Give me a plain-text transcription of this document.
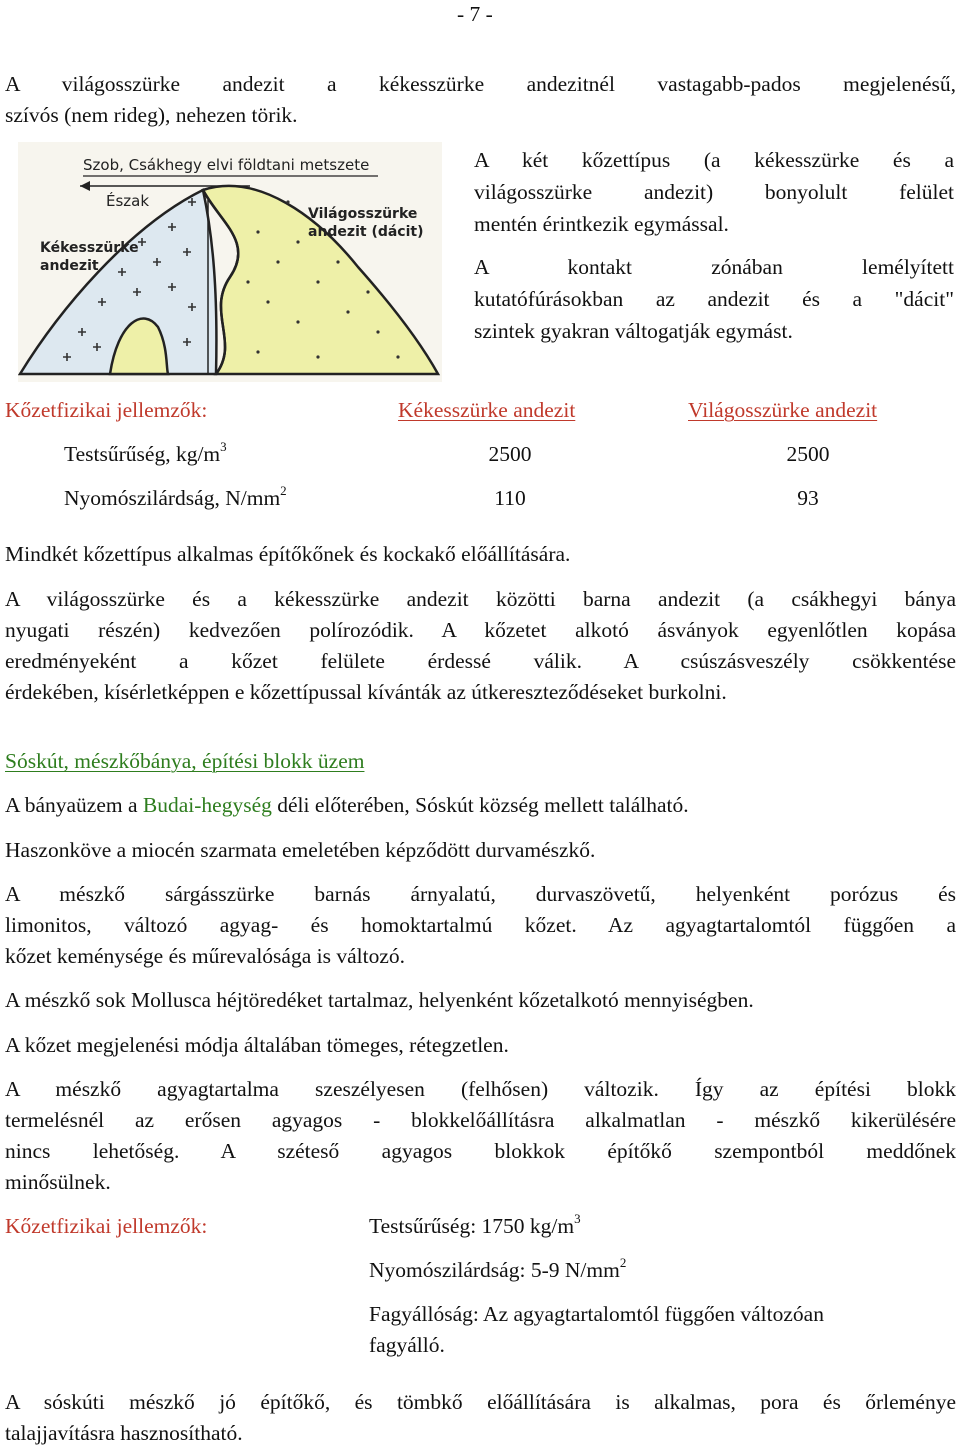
- 7 -
A világosszürke andezit a kékesszürke andezitnél vastagabb-pados megjelenésű,
szívós (nem rideg), nehezen törik.
Szob, Csákhegy elvi földtani metszete
Észak
Kékesszürke
andezit
Világosszürke
andezit (dácit)
A két kőzettípus (a kékesszürke és a
világosszürke andezit) bonyolult felület
mentén érintkezik egymással.
A kontakt zónában lemélyített
kutatófúrásokban az andezit és a "dácit"
szintek gyakran váltogatják egymást.
Kőzetfizikai jellemzők:	Kékesszürke andezit	Világosszürke andezit
Testsűrűség, $kg/m^3$	2500	2500
Nyomószilárdság, $N/mm^2$	110	93
Mindkét kőzettípus alkalmas építőkőnek és kockakő előállítására.
A világosszürke és a kékesszürke andezit közötti barna andezit (a csákhegyi bánya
nyugati részén) kedvezően polírozódik. A kőzetet alkotó ásványok egyenlőtlen kopása
eredményeként a kőzet felülete érdessé válik. A csúszásveszély csökkentése
érdekében, kísérletképpen e kőzettípussal kívánták az útkereszteződéseket burkolni.
Sóskút, mészkőbánya, építési blokk üzem
A bányaüzem a Budai-hegység déli előterében, Sóskút község mellett található.
Haszonköve a miocén szarmata emeletében képződött durvamészkő.
A mészkő sárgásszürke barnás árnyalatú, durvaszövetű, helyenként porózus és
limonitos, változó agyag- és homoktartalmú kőzet. Az agyagtartalomtól függően a
kőzet keménysége és műrevalósága is változó.
A mészkő sok Mollusca héjtöredéket tartalmaz, helyenként kőzetalkotó mennyiségben.
A kőzet megjelenési módja általában tömeges, rétegzetlen.
A mészkő agyagtartalma szeszélyesen (felhősen) változik. Így az építési blokk
termelésnél az erősen agyagos - blokkelőállításra alkalmatlan - mészkő kikerülésére
nincs lehetőség. A széteső agyagos blokkok építőkő szempontból meddőnek
minősülnek.
Kőzetfizikai jellemzők:	Testsűrűség: 1750 $kg/m^3$
Nyomószilárdság: 5-9 $N/mm^2$
Fagyállóság: Az agyagtartalomtól függően változóan
fagyálló.
A sóskúti mészkő jó építőkő, és tömbkő előállítására is alkalmas, pora és őrleménye
talajjavításra hasznosítható.
